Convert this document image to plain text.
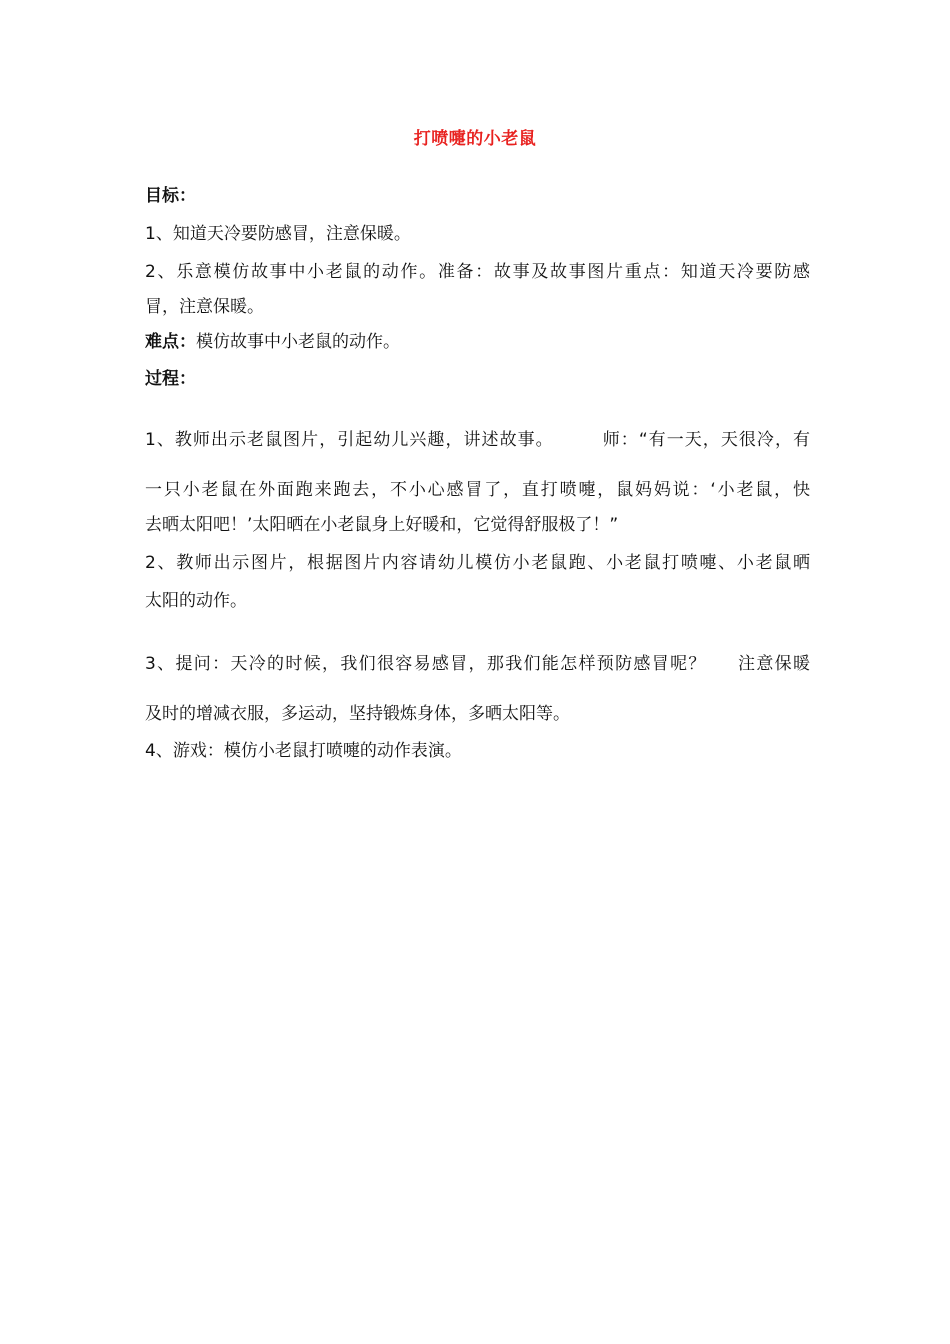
打喷嚏的小老鼠
目标：
1、知道天冷要防感冒，注意保暖。
2、乐意模仿故事中小老鼠的动作。准备：故事及故事图片重点：知道天冷要防感
冒，注意保暖。
难点：模仿故事中小老鼠的动作。
过程：
1、教师出示老鼠图片，引起幼儿兴趣，讲述故事。	师：“有一天，天很冷，有
一只小老鼠在外面跑来跑去，不小心感冒了，直打喷嚏，鼠妈妈说：‘小老鼠，快
去晒太阳吧！’太阳晒在小老鼠身上好暖和，它觉得舒服极了！”
2、教师出示图片，根据图片内容请幼儿模仿小老鼠跑、小老鼠打喷嚏、小老鼠晒
太阳的动作。
3、提问：天冷的时候，我们很容易感冒，那我们能怎样预防感冒呢？ 注意保暖
及时的增减衣服，多运动，坚持锻炼身体，多晒太阳等。
4、游戏：模仿小老鼠打喷嚏的动作表演。
